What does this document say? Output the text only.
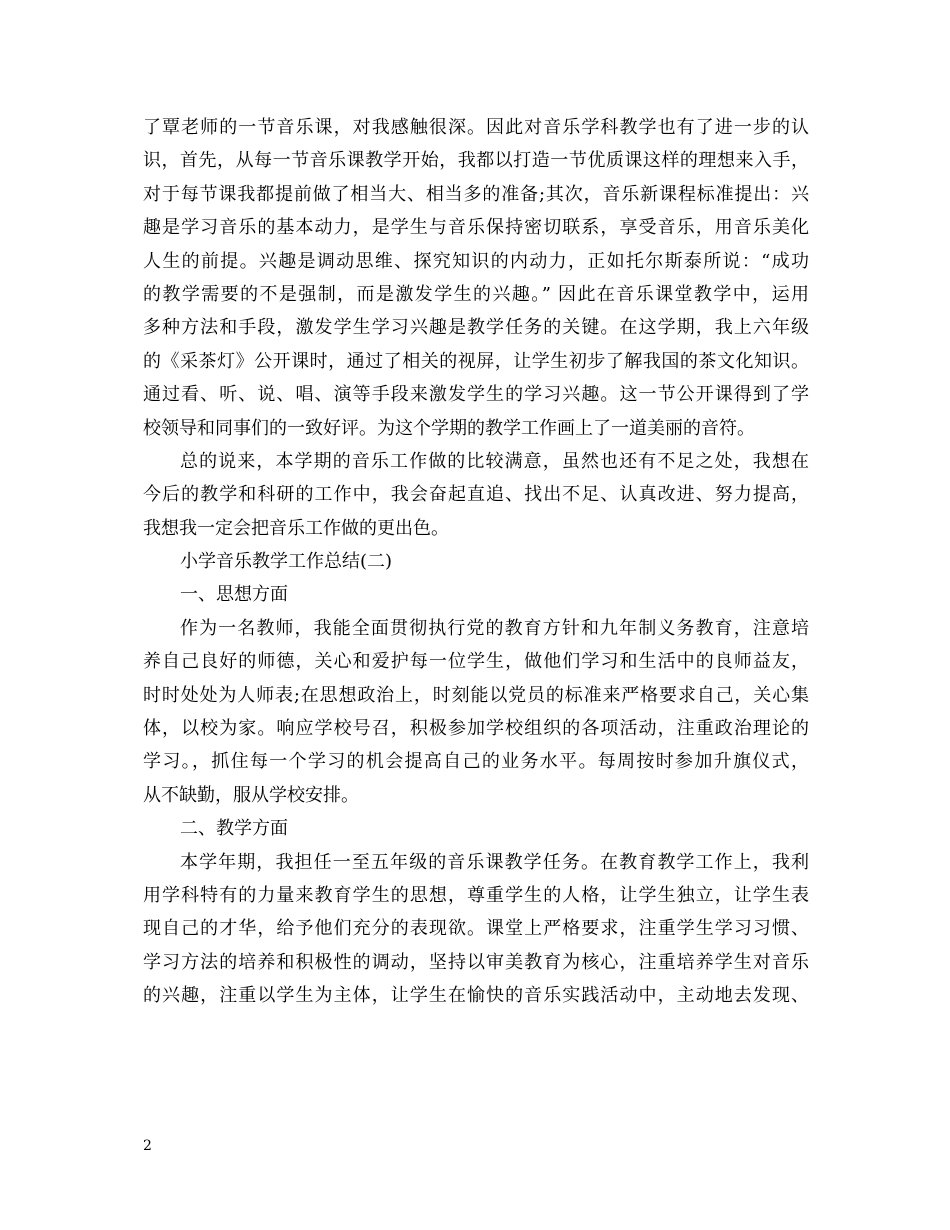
了覃老师的一节音乐课，对我感触很深。因此对音乐学科教学也有了进一步的认
识，首先，从每一节音乐课教学开始，我都以打造一节优质课这样的理想来入手，
对于每节课我都提前做了相当大、相当多的准备;其次，音乐新课程标准提出：兴
趣是学习音乐的基本动力，是学生与音乐保持密切联系，享受音乐，用音乐美化
人生的前提。兴趣是调动思维、探究知识的内动力，正如托尔斯泰所说：“成功
的教学需要的不是强制，而是激发学生的兴趣。” 因此在音乐课堂教学中，运用
多种方法和手段，激发学生学习兴趣是教学任务的关键。在这学期，我上六年级
的《采茶灯》公开课时，通过了相关的视屏，让学生初步了解我国的茶文化知识。
通过看、听、说、唱、演等手段来激发学生的学习兴趣。这一节公开课得到了学
校领导和同事们的一致好评。为这个学期的教学工作画上了一道美丽的音符。
总的说来，本学期的音乐工作做的比较满意，虽然也还有不足之处，我想在
今后的教学和科研的工作中，我会奋起直追、找出不足、认真改进、努力提高，
我想我一定会把音乐工作做的更出色。
小学音乐教学工作总结(二)
一、思想方面
作为一名教师，我能全面贯彻执行党的教育方针和九年制义务教育，注意培
养自己良好的师德，关心和爱护每一位学生，做他们学习和生活中的良师益友，
时时处处为人师表;在思想政治上，时刻能以党员的标准来严格要求自己，关心集
体，以校为家。响应学校号召，积极参加学校组织的各项活动，注重政治理论的
学习。，抓住每一个学习的机会提高自己的业务水平。每周按时参加升旗仪式，
从不缺勤，服从学校安排。
二、教学方面
本学年期，我担任一至五年级的音乐课教学任务。在教育教学工作上，我利
用学科特有的力量来教育学生的思想，尊重学生的人格，让学生独立，让学生表
现自己的才华，给予他们充分的表现欲。课堂上严格要求，注重学生学习习惯、
学习方法的培养和积极性的调动，坚持以审美教育为核心，注重培养学生对音乐
的兴趣，注重以学生为主体，让学生在愉快的音乐实践活动中，主动地去发现、
2
